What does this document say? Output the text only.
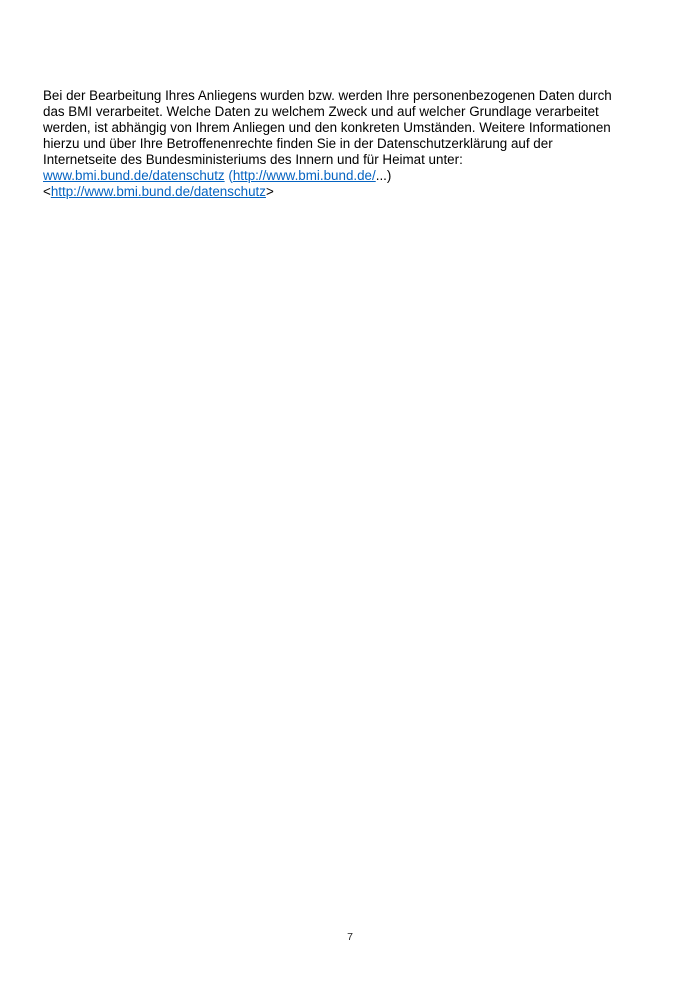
Bei der Bearbeitung Ihres Anliegens wurden bzw. werden Ihre personenbezogenen Daten durch
das BMI verarbeitet. Welche Daten zu welchem Zweck und auf welcher Grundlage verarbeitet
werden, ist abhängig von Ihrem Anliegen und den konkreten Umständen. Weitere Informationen
hierzu und über Ihre Betroffenenrechte finden Sie in der Datenschutzerklärung auf der
Internetseite des Bundesministeriums des Innern und für Heimat unter:
www.bmi.bund.de/datenschutz (http://www.bmi.bund.de/...)
<http://www.bmi.bund.de/datenschutz>
7
